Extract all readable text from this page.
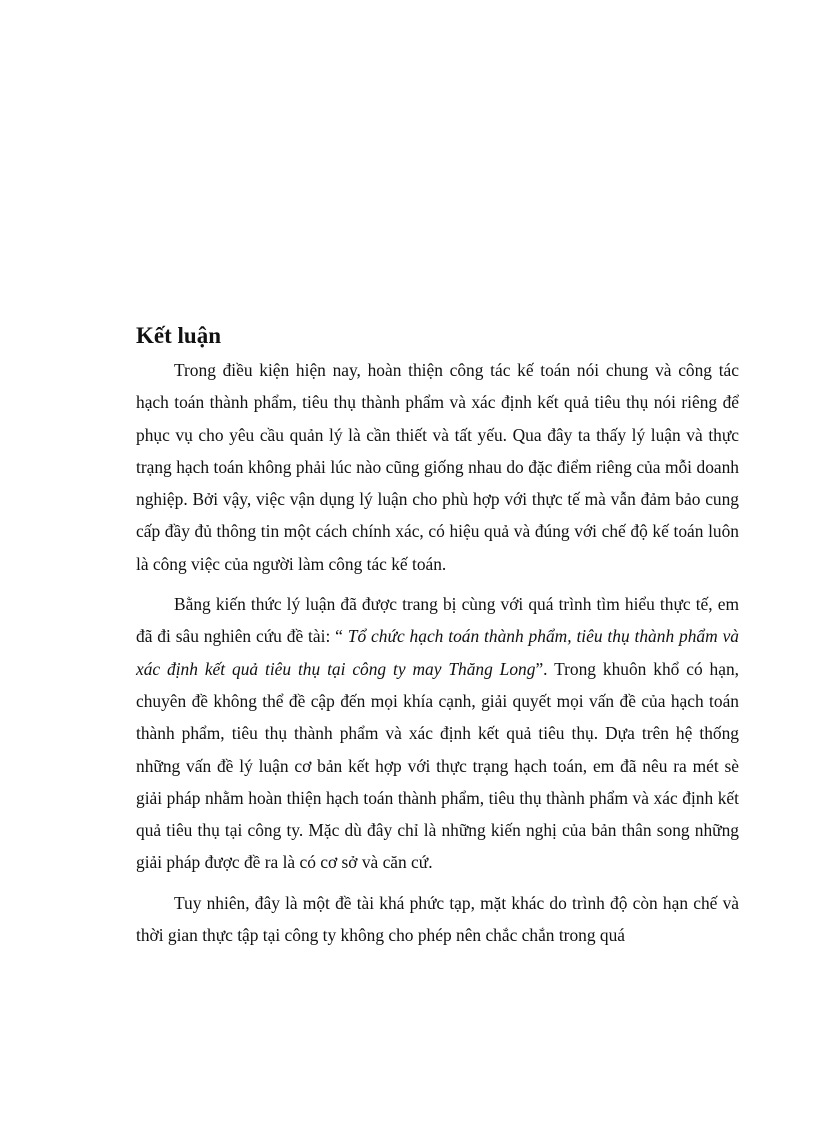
Kết luận

Trong điều kiện hiện nay, hoàn thiện công tác kế toán nói chung và công tác hạch toán thành phẩm, tiêu thụ thành phẩm và xác định kết quả tiêu thụ nói riêng để phục vụ cho yêu cầu quản lý là cần thiết và tất yếu. Qua đây ta thấy lý luận và thực trạng hạch toán không phải lúc nào cũng giống nhau do đặc điểm riêng của mỗi doanh nghiệp. Bởi vậy, việc vận dụng lý luận cho phù hợp với thực tế mà vẫn đảm bảo cung cấp đầy đủ thông tin một cách chính xác, có hiệu quả và đúng với chế độ kế toán luôn là công việc của người làm công tác kế toán.

Bằng kiến thức lý luận đã được trang bị cùng với quá trình tìm hiểu thực tế, em đã đi sâu nghiên cứu đề tài: “ Tổ chức hạch toán thành phẩm, tiêu thụ thành phẩm và xác định kết quả tiêu thụ tại công ty may Thăng Long”. Trong khuôn khổ có hạn, chuyên đề không thể đề cập đến mọi khía cạnh, giải quyết mọi vấn đề của hạch toán thành phẩm, tiêu thụ thành phẩm và xác định kết quả tiêu thụ. Dựa trên hệ thống những vấn đề lý luận cơ bản kết hợp với thực trạng hạch toán, em đã nêu ra mét sè giải pháp nhằm hoàn thiện hạch toán thành phẩm, tiêu thụ thành phẩm và xác định kết quả tiêu thụ tại công ty. Mặc dù đây chỉ là những kiến nghị của bản thân song những giải pháp được đề ra là có cơ sở và căn cứ.

Tuy nhiên, đây là một đề tài khá phức tạp, mặt khác do trình độ còn hạn chế và thời gian thực tập tại công ty không cho phép nên chắc chắn trong quá
